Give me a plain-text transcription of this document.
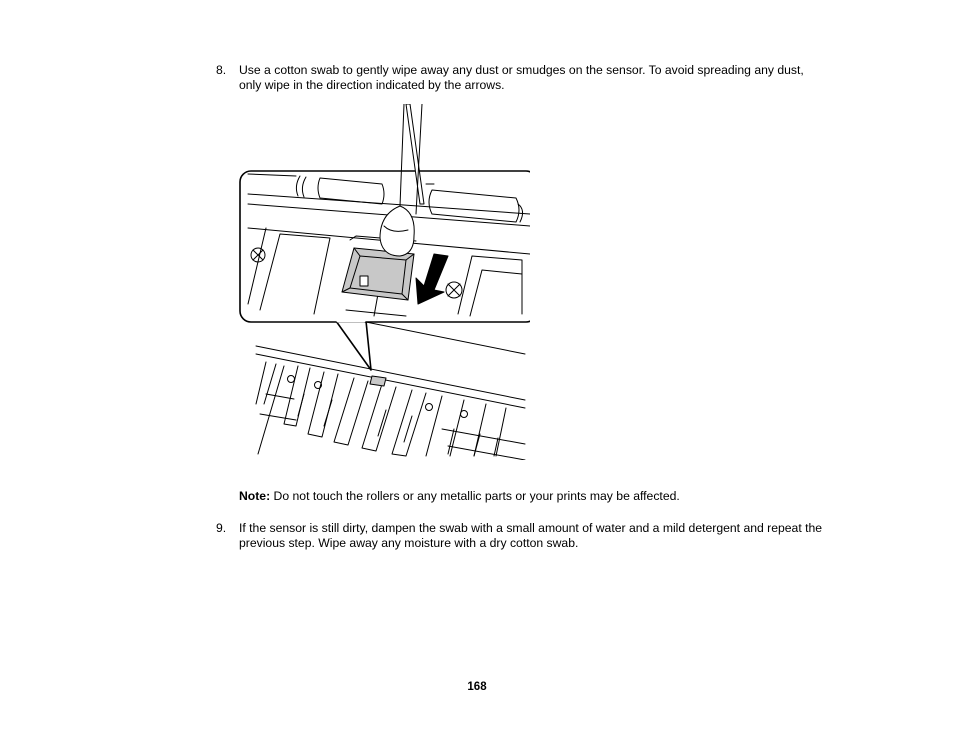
8. Use a cotton swab to gently wipe away any dust or smudges on the sensor. To avoid spreading any dust, only wipe in the direction indicated by the arrows.
Note: Do not touch the rollers or any metallic parts or your prints may be affected.
9. If the sensor is still dirty, dampen the swab with a small amount of water and a mild detergent and repeat the previous step. Wipe away any moisture with a dry cotton swab.
168
